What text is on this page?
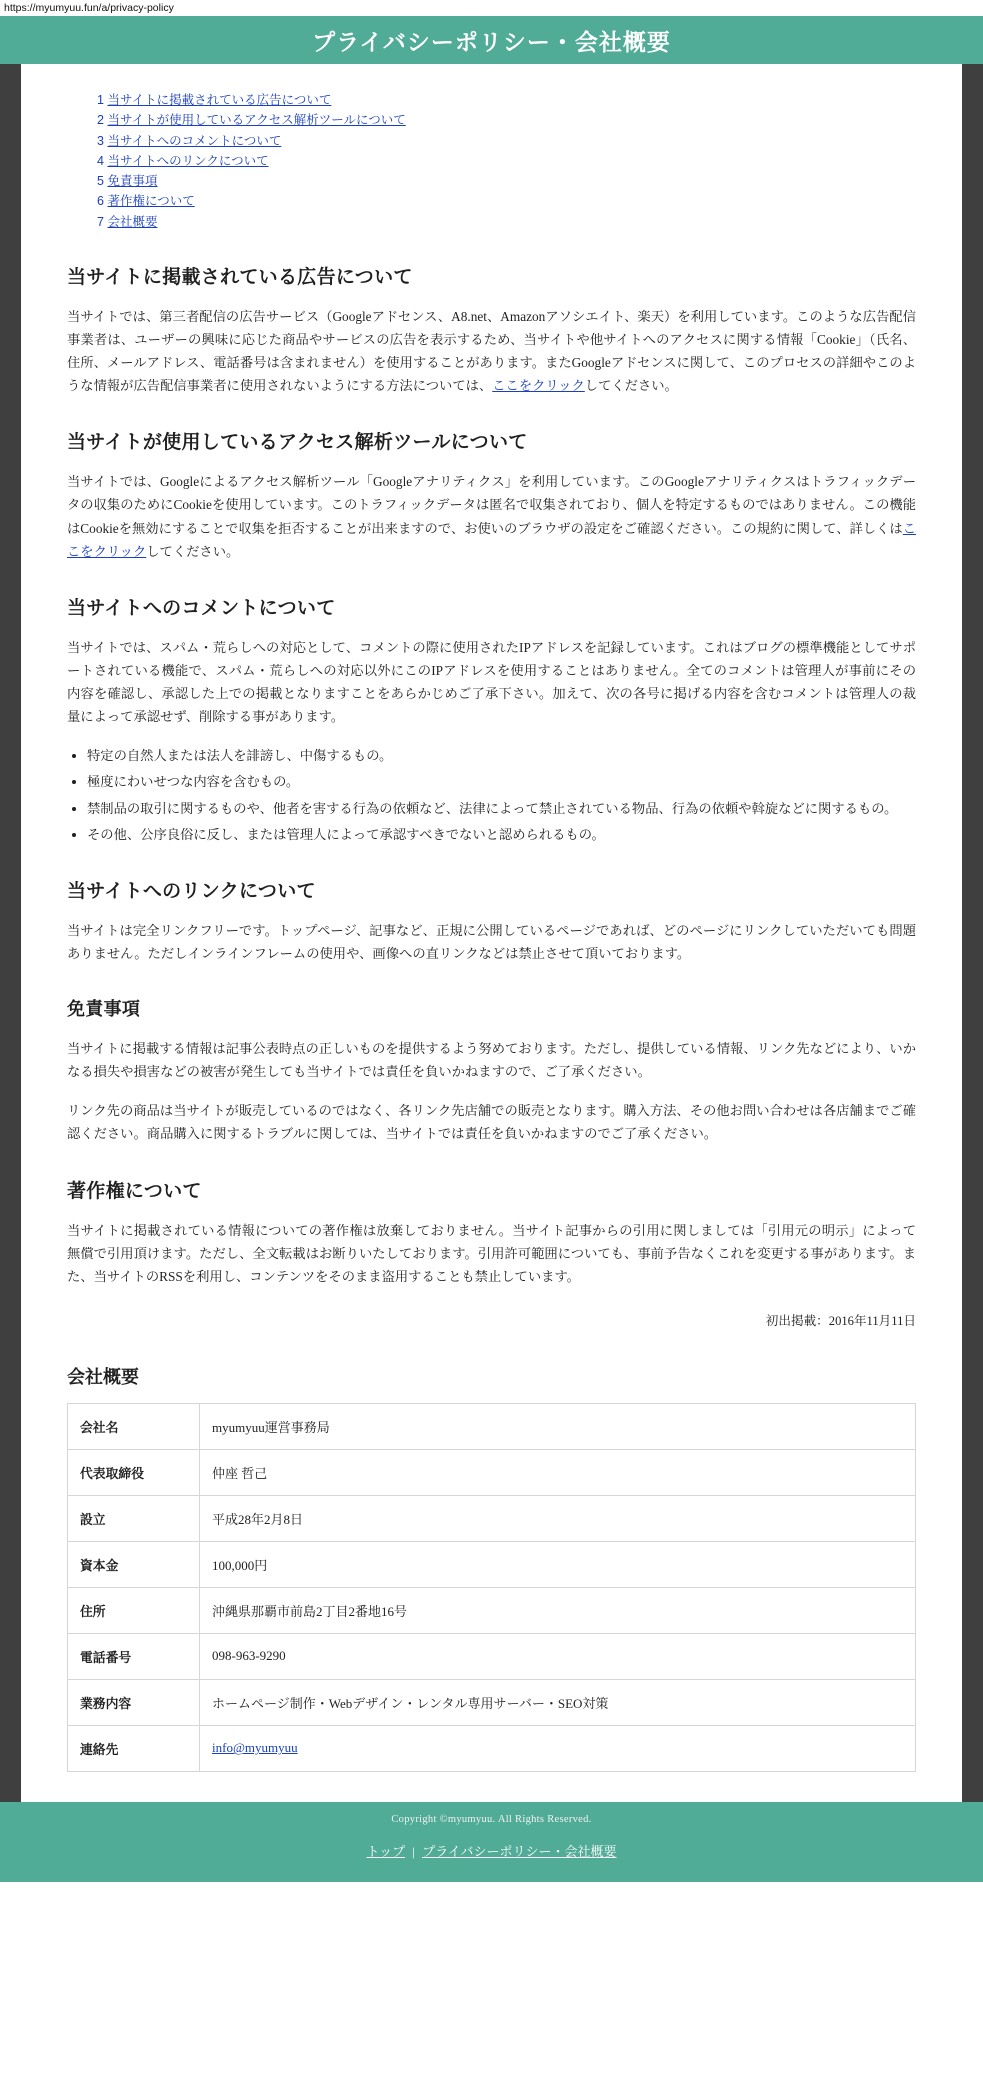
https://myumyuu.fun/a/privacy-policy
プライバシーポリシー・会社概要
1 当サイトに掲載されている広告について
2 当サイトが使用しているアクセス解析ツールについて
3 当サイトへのコメントについて
4 当サイトへのリンクについて
5 免責事項
6 著作権について
7 会社概要
当サイトに掲載されている広告について

当サイトでは、第三者配信の広告サービス（Googleアドセンス、A8.net、Amazonアソシエイト、楽天）を利用しています。このような広告配信事業者は、ユーザーの興味に応じた商品やサービスの広告を表示するため、当サイトや他サイトへのアクセスに関する情報「Cookie」（氏名、住所、メールアドレス、電話番号は含まれません）を使用することがあります。またGoogleアドセンスに関して、このプロセスの詳細やこのような情報が広告配信事業者に使用されないようにする方法については、ここをクリックしてください。

当サイトが使用しているアクセス解析ツールについて

当サイトでは、Googleによるアクセス解析ツール「Googleアナリティクス」を利用しています。このGoogleアナリティクスはトラフィックデータの収集のためにCookieを使用しています。このトラフィックデータは匿名で収集されており、個人を特定するものではありません。この機能はCookieを無効にすることで収集を拒否することが出来ますので、お使いのブラウザの設定をご確認ください。この規約に関して、詳しくはここをクリックしてください。

当サイトへのコメントについて

当サイトでは、スパム・荒らしへの対応として、コメントの際に使用されたIPアドレスを記録しています。これはブログの標準機能としてサポートされている機能で、スパム・荒らしへの対応以外にこのIPアドレスを使用することはありません。全てのコメントは管理人が事前にその内容を確認し、承認した上での掲載となりますことをあらかじめご了承下さい。加えて、次の各号に掲げる内容を含むコメントは管理人の裁量によって承認せず、削除する事があります。

• 特定の自然人または法人を誹謗し、中傷するもの。
• 極度にわいせつな内容を含むもの。
• 禁制品の取引に関するものや、他者を害する行為の依頼など、法律によって禁止されている物品、行為の依頼や斡旋などに関するもの。
• その他、公序良俗に反し、または管理人によって承認すべきでないと認められるもの。
当サイトへのリンクについて

当サイトは完全リンクフリーです。トップページ、記事など、正規に公開しているページであれば、どのページにリンクしていただいても問題ありません。ただしインラインフレームの使用や、画像への直リンクなどは禁止させて頂いております。

免責事項

当サイトに掲載する情報は記事公表時点の正しいものを提供するよう努めております。ただし、提供している情報、リンク先などにより、いかなる損失や損害などの被害が発生しても当サイトでは責任を負いかねますので、ご了承ください。

リンク先の商品は当サイトが販売しているのではなく、各リンク先店舗での販売となります。購入方法、その他お問い合わせは各店舗までご確認ください。商品購入に関するトラブルに関しては、当サイトでは責任を負いかねますのでご了承ください。

著作権について

当サイトに掲載されている情報についての著作権は放棄しておりません。当サイト記事からの引用に関しましては「引用元の明示」によって無償で引用頂けます。ただし、全文転載はお断りいたしております。引用許可範囲についても、事前予告なくこれを変更する事があります。また、当サイトのRSSを利用し、コンテンツをそのまま盗用することも禁止しています。

初出掲載：2016年11月11日

会社概要
会社名	myumyuu運営事務局
代表取締役	仲座 哲己
設立	平成28年2月8日
資本金	100,000円
住所	沖縄県那覇市前島2丁目2番地16号
電話番号	098-963-9290
業務内容	ホームページ制作・Webデザイン・レンタル専用サーバー・SEO対策
連絡先	info@myumyuu

Copyright ©myumyuu. All Rights Reserved.

トップ | プライバシーポリシー・会社概要
